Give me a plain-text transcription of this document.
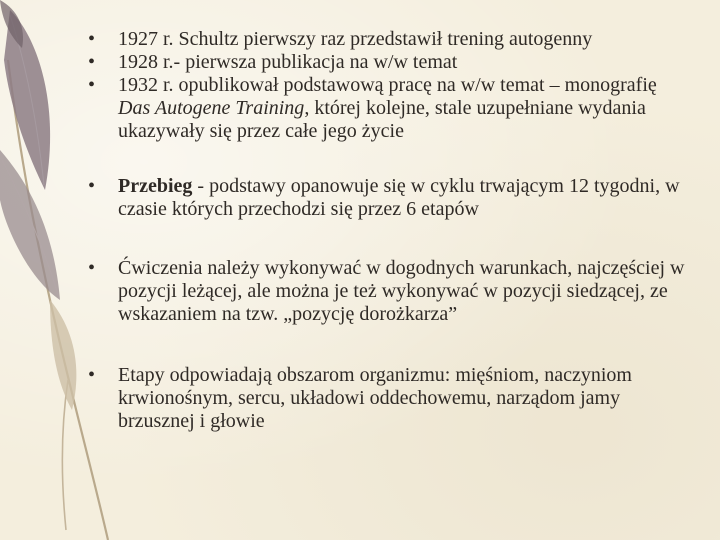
•	1927 r. Schultz pierwszy raz przedstawił trening autogenny
•	1928 r.- pierwsza publikacja na w/w temat
•	1932 r. opublikował podstawową pracę na w/w temat – monografię Das Autogene Training, której kolejne, stale uzupełniane wydania ukazywały się przez całe jego życie
•	Przebieg - podstawy opanowuje się w cyklu trwającym 12 tygodni, w czasie których przechodzi się przez 6 etapów
•	Ćwiczenia należy wykonywać w dogodnych warunkach, najczęściej w pozycji leżącej, ale można je też wykonywać w pozycji siedzącej, ze wskazaniem na tzw. „pozycję dorożkarza”
•	Etapy odpowiadają obszarom organizmu: mięśniom, naczyniom krwionośnym, sercu, układowi oddechowemu, narządom jamy brzusznej i głowie
